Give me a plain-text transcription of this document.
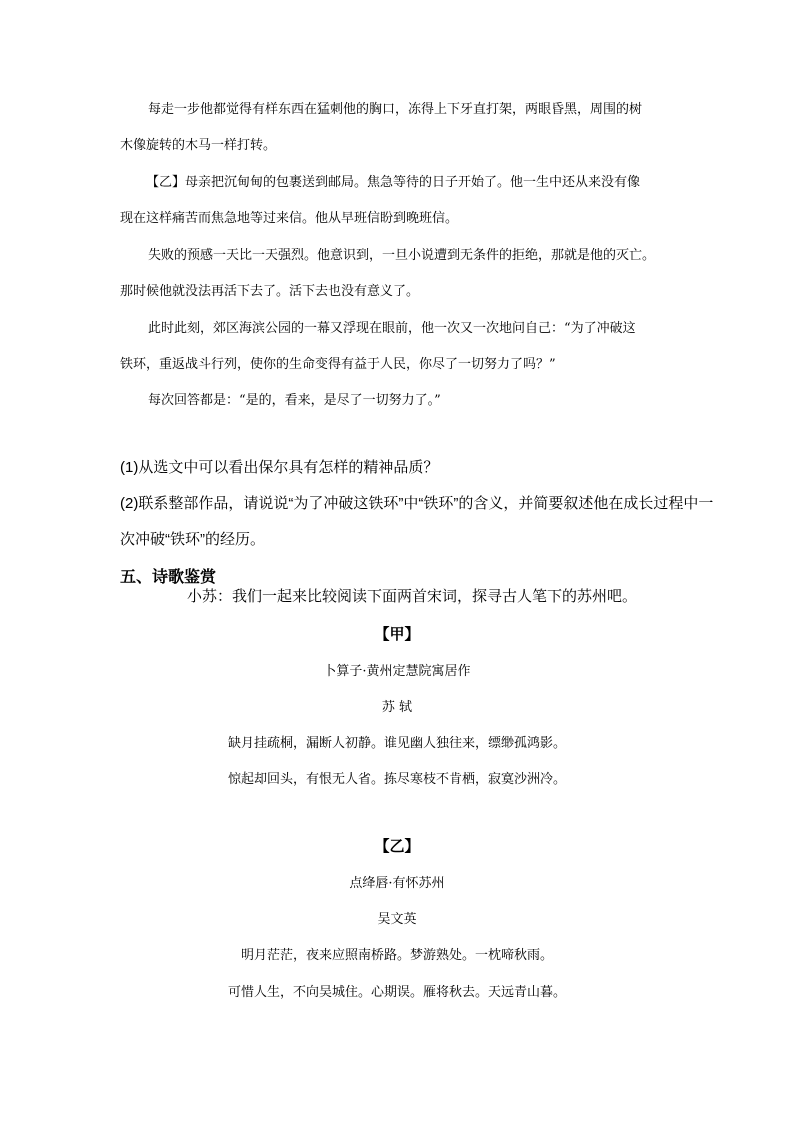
每走一步他都觉得有样东西在猛刺他的胸口，冻得上下牙直打架，两眼昏黑，周围的树
木像旋转的木马一样打转。
【乙】母亲把沉甸甸的包裹送到邮局。焦急等待的日子开始了。他一生中还从来没有像
现在这样痛苦而焦急地等过来信。他从早班信盼到晚班信。
失败的预感一天比一天强烈。他意识到，一旦小说遭到无条件的拒绝，那就是他的灭亡。
那时候他就没法再活下去了。活下去也没有意义了。
此时此刻，郊区海滨公园的一幕又浮现在眼前，他一次又一次地问自己：“为了冲破这
铁环，重返战斗行列，使你的生命变得有益于人民，你尽了一切努力了吗？”
每次回答都是：“是的，看来，是尽了一切努力了。”
(1)从选文中可以看出保尔具有怎样的精神品质？
(2)联系整部作品，请说说“为了冲破这铁环”中“铁环”的含义，并简要叙述他在成长过程中一
次冲破“铁环”的经历。
五、诗歌鉴赏
小苏：我们一起来比较阅读下面两首宋词，探寻古人笔下的苏州吧。
【甲】
卜算子·黄州定慧院寓居作
苏 轼
缺月挂疏桐，漏断人初静。谁见幽人独往来，缥缈孤鸿影。
惊起却回头，有恨无人省。拣尽寒枝不肯栖，寂寞沙洲冷。
【乙】
点绛唇·有怀苏州
吴文英
明月茫茫，夜来应照南桥路。梦游熟处。一枕啼秋雨。
可惜人生，不向吴城住。心期误。雁将秋去。天远青山暮。
